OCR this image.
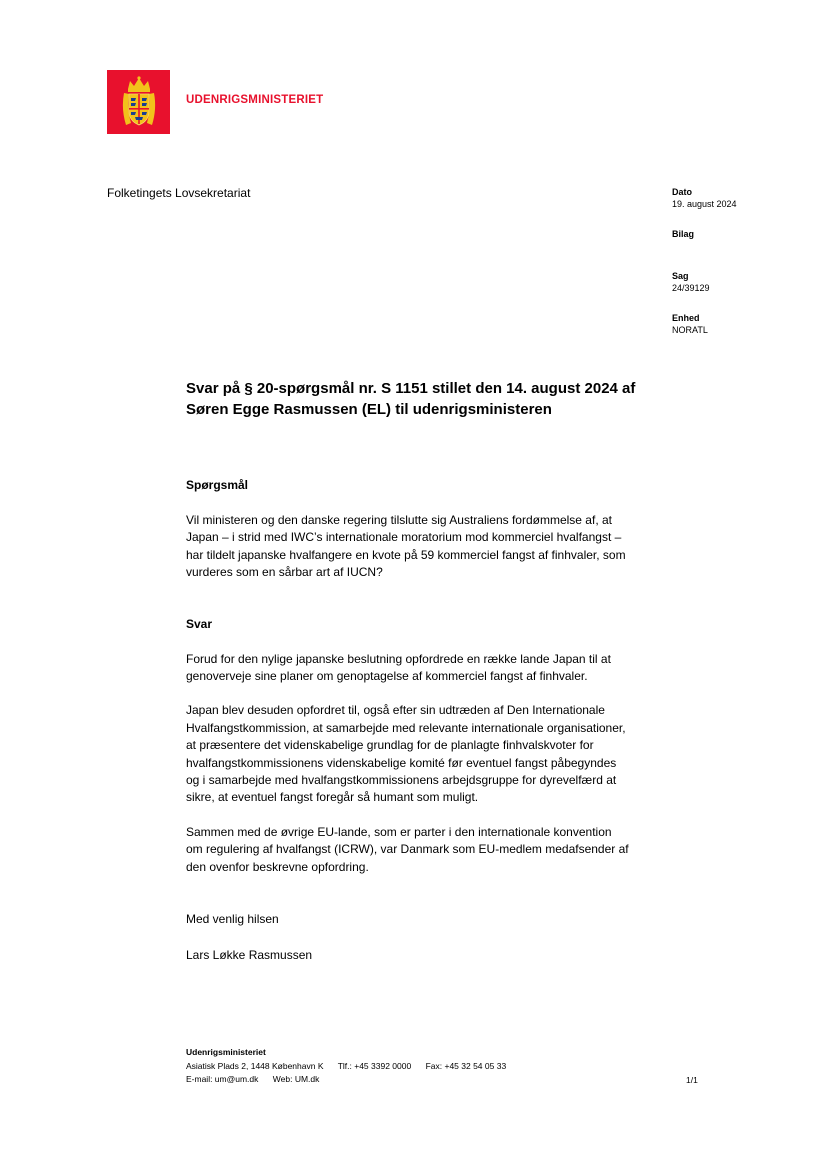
UDENRIGSMINISTERIET
Folketingets Lovsekretariat	Dato
19. august 2024
Bilag
Sag
24/39129
Enhed
NORATL

Svar på § 20-spørgsmål nr. S 1151 stillet den 14. august 2024 af
Søren Egge Rasmussen (EL) til udenrigsministeren

Spørgsmål

Vil ministeren og den danske regering tilslutte sig Australiens fordømmelse af, at
Japan – i strid med IWC’s internationale moratorium mod kommerciel hvalfangst –
har tildelt japanske hvalfangere en kvote på 59 kommerciel fangst af finhvaler, som
vurderes som en sårbar art af IUCN?

Svar

Forud for den nylige japanske beslutning opfordrede en række lande Japan til at
genoverveje sine planer om genoptagelse af kommerciel fangst af finhvaler.

Japan blev desuden opfordret til, også efter sin udtræden af Den Internationale
Hvalfangstkommission, at samarbejde med relevante internationale organisationer,
at præsentere det videnskabelige grundlag for de planlagte finhvalskvoter for
hvalfangstkommissionens videnskabelige komité før eventuel fangst påbegyndes
og i samarbejde med hvalfangstkommissionens arbejdsgruppe for dyrevelfærd at
sikre, at eventuel fangst foregår så humant som muligt.

Sammen med de øvrige EU-lande, som er parter i den internationale konvention
om regulering af hvalfangst (ICRW), var Danmark som EU-medlem medafsender af
den ovenfor beskrevne opfordring.

Med venlig hilsen

Lars Løkke Rasmussen

Udenrigsministeriet
Asiatisk Plads 2, 1448 København K Tlf.: +45 3392 0000 Fax: +45 32 54 05 33
E-mail: um@um.dk Web: UM.dk	1/1
